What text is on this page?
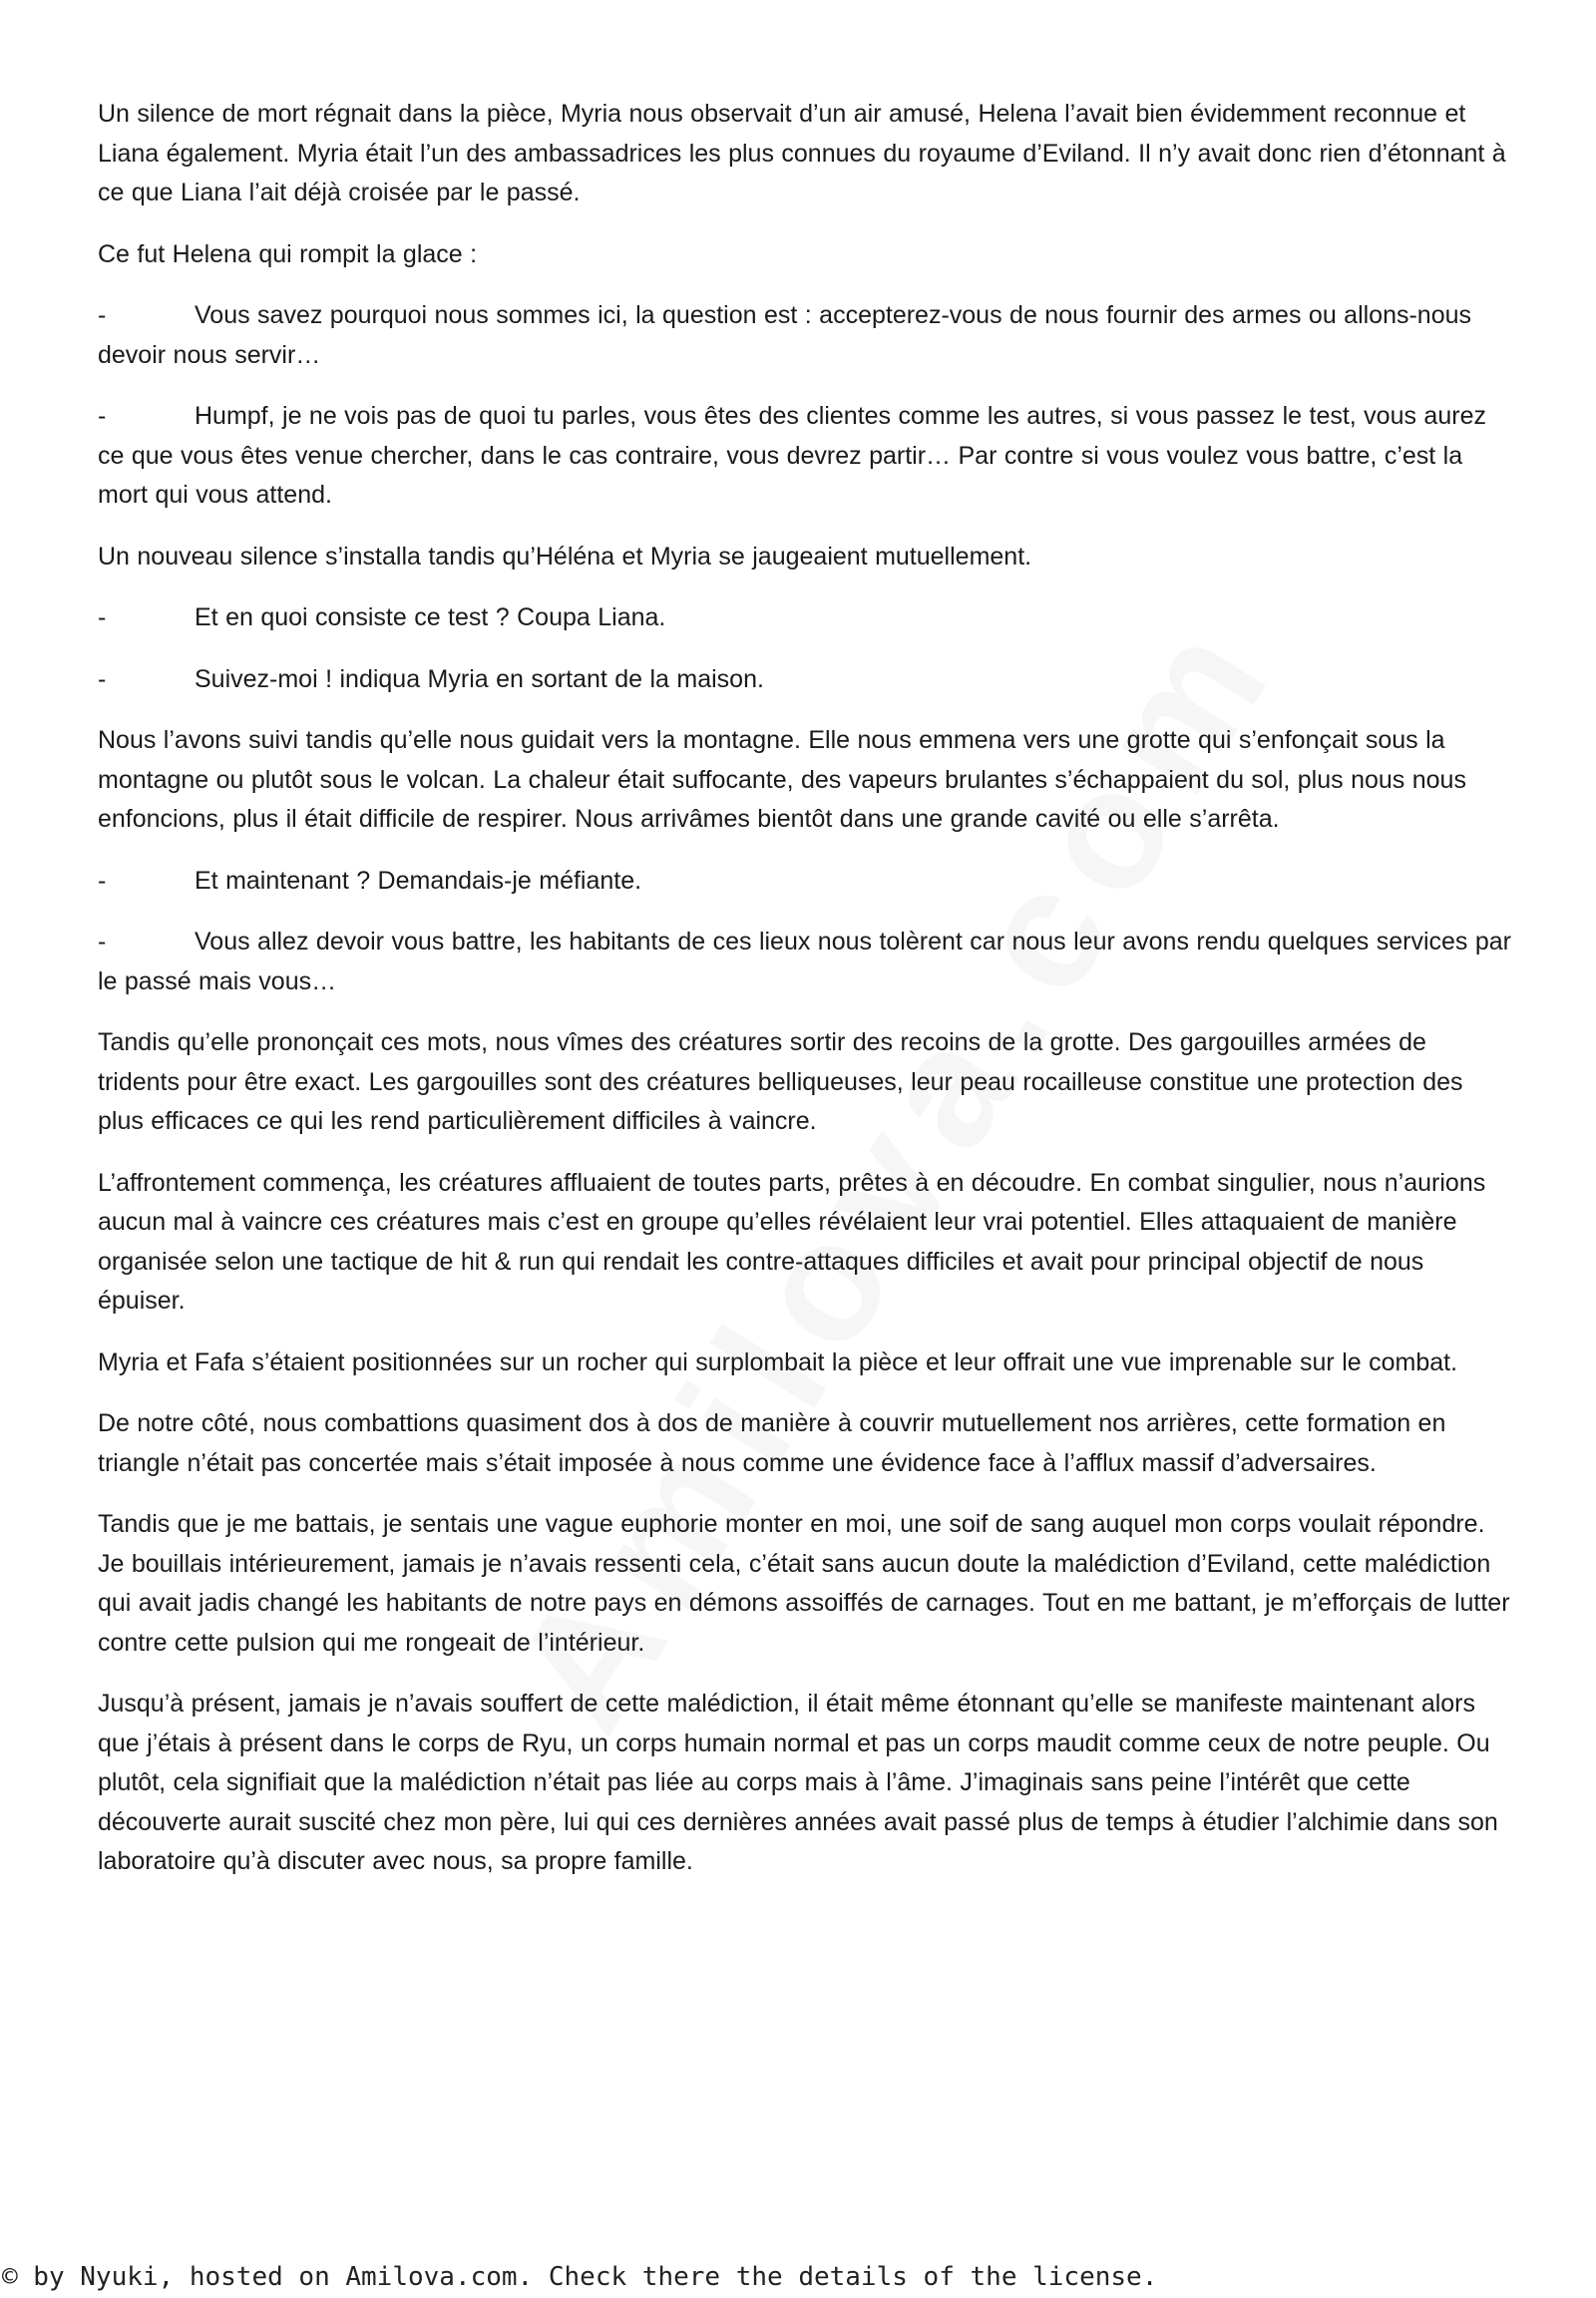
Un silence de mort régnait dans la pièce, Myria nous observait d’un air amusé, Helena l’avait bien évidemment reconnue et Liana également. Myria était l’un des ambassadrices les plus connues du royaume d’Eviland. Il n’y avait donc rien d’étonnant à ce que Liana l’ait déjà croisée par le passé.

Ce fut Helena qui rompit la glace :

-	Vous savez pourquoi nous sommes ici, la question est : accepterez-vous de nous fournir des armes ou allons-nous devoir nous servir…

-	Humpf, je ne vois pas de quoi tu parles, vous êtes des clientes comme les autres, si vous passez le test, vous aurez ce que vous êtes venue chercher, dans le cas contraire, vous devrez partir… Par contre si vous voulez vous battre, c’est la mort qui vous attend.

Un nouveau silence s’installa tandis qu’Héléna et Myria se jaugeaient mutuellement.

-	Et en quoi consiste ce test ? Coupa Liana.

-	Suivez-moi ! indiqua Myria en sortant de la maison.

Nous l’avons suivi tandis qu’elle nous guidait vers la montagne. Elle nous emmena vers une grotte qui s’enfonçait sous la montagne ou plutôt sous le volcan. La chaleur était suffocante, des vapeurs brulantes s’échappaient du sol, plus nous nous enfoncions, plus il était difficile de respirer. Nous arrivâmes bientôt dans une grande cavité ou elle s’arrêta.

-	Et maintenant ? Demandais-je méfiante.

-	Vous allez devoir vous battre, les habitants de ces lieux nous tolèrent car nous leur avons rendu quelques services par le passé mais vous…

Tandis qu’elle prononçait ces mots, nous vîmes des créatures sortir des recoins de la grotte. Des gargouilles armées de tridents pour être exact. Les gargouilles sont des créatures belliqueuses, leur peau rocailleuse constitue une protection des plus efficaces ce qui les rend particulièrement difficiles à vaincre.

L’affrontement commença, les créatures affluaient de toutes parts, prêtes à en découdre. En combat singulier, nous n’aurions aucun mal à vaincre ces créatures mais c’est en groupe qu’elles révélaient leur vrai potentiel. Elles attaquaient de manière organisée selon une tactique de hit & run qui rendait les contre-attaques difficiles et avait pour principal objectif de nous épuiser.

Myria et Fafa s’étaient positionnées sur un rocher qui surplombait la pièce et leur offrait une vue imprenable sur le combat.

De notre côté, nous combattions quasiment dos à dos de manière à couvrir mutuellement nos arrières, cette formation en triangle n’était pas concertée mais s’était imposée à nous comme une évidence face à l’afflux massif d’adversaires.

Tandis que je me battais, je sentais une vague euphorie monter en moi, une soif de sang auquel mon corps voulait répondre. Je bouillais intérieurement, jamais je n’avais ressenti cela, c’était sans aucun doute la malédiction d’Eviland, cette malédiction qui avait jadis changé les habitants de notre pays en démons assoiffés de carnages. Tout en me battant, je m’efforçais de lutter contre cette pulsion qui me rongeait de l’intérieur.

Jusqu’à présent, jamais je n’avais souffert de cette malédiction, il était même étonnant qu’elle se manifeste maintenant alors que j’étais à présent dans le corps de Ryu, un corps humain normal et pas un corps maudit comme ceux de notre peuple. Ou plutôt, cela signifiait que la malédiction n’était pas liée au corps mais à l’âme. J’imaginais sans peine l’intérêt que cette découverte aurait suscité chez mon père, lui qui ces dernières années avait passé plus de temps à étudier l’alchimie dans son laboratoire qu’à discuter avec nous, sa propre famille.

© by Nyuki, hosted on Amilova.com. Check there the details of the license.
